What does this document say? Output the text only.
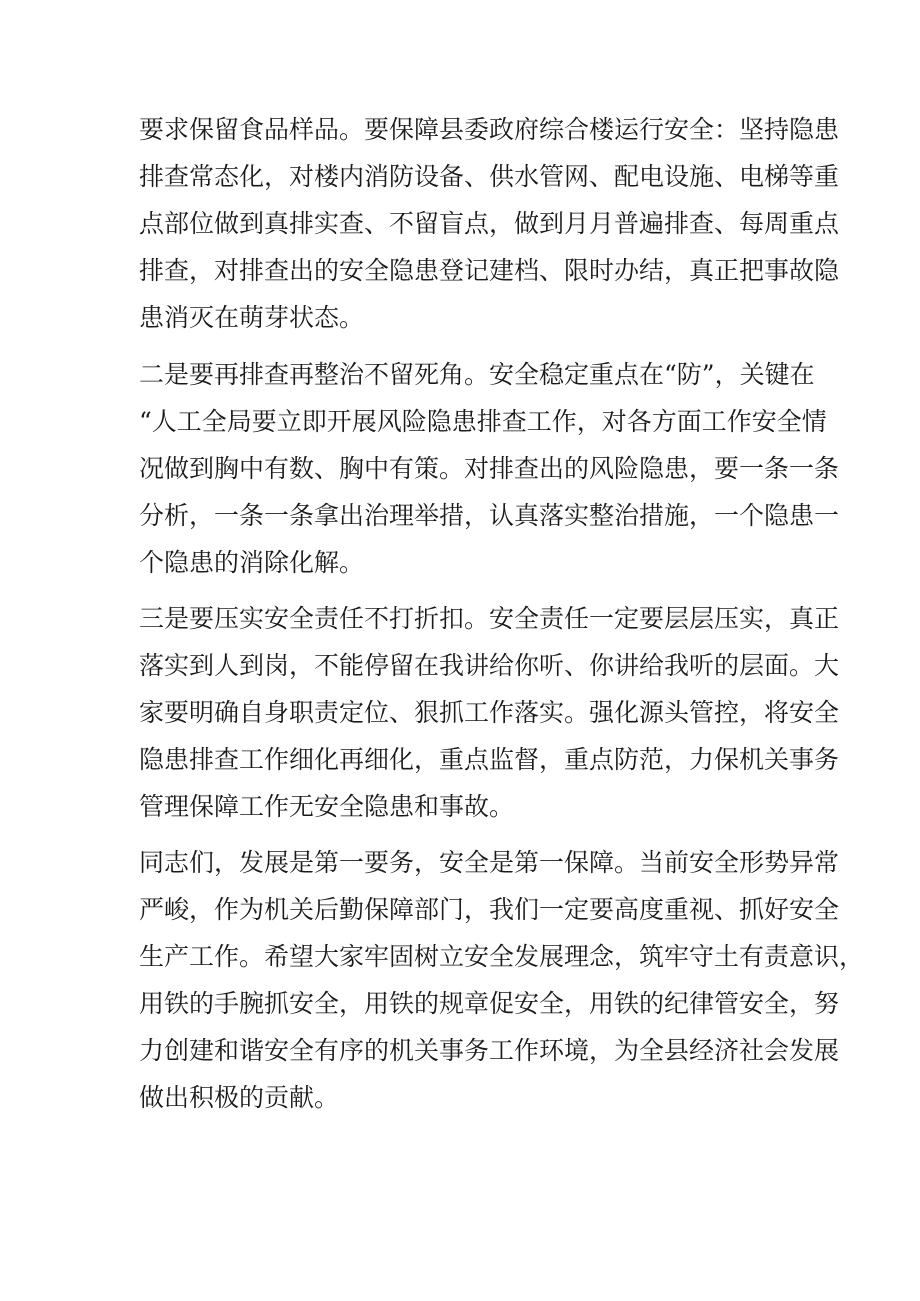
要求保留食品样品。要保障县委政府综合楼运行安全：坚持隐患
排查常态化，对楼内消防设备、供水管网、配电设施、电梯等重
点部位做到真排实查、不留盲点，做到月月普遍排查、每周重点
排查，对排查出的安全隐患登记建档、限时办结，真正把事故隐
患消灭在萌芽状态。
二是要再排查再整治不留死角。安全稳定重点在“防”，关键在
“人工全局要立即开展风险隐患排查工作，对各方面工作安全情
况做到胸中有数、胸中有策。对排查出的风险隐患，要一条一条
分析，一条一条拿出治理举措，认真落实整治措施，一个隐患一
个隐患的消除化解。
三是要压实安全责任不打折扣。安全责任一定要层层压实，真正
落实到人到岗，不能停留在我讲给你听、你讲给我听的层面。大
家要明确自身职责定位、狠抓工作落实。强化源头管控，将安全
隐患排查工作细化再细化，重点监督，重点防范，力保机关事务
管理保障工作无安全隐患和事故。
同志们，发展是第一要务，安全是第一保障。当前安全形势异常
严峻，作为机关后勤保障部门，我们一定要高度重视、抓好安全
生产工作。希望大家牢固树立安全发展理念，筑牢守土有责意识，
用铁的手腕抓安全，用铁的规章促安全，用铁的纪律管安全，努
力创建和谐安全有序的机关事务工作环境，为全县经济社会发展
做出积极的贡献。
